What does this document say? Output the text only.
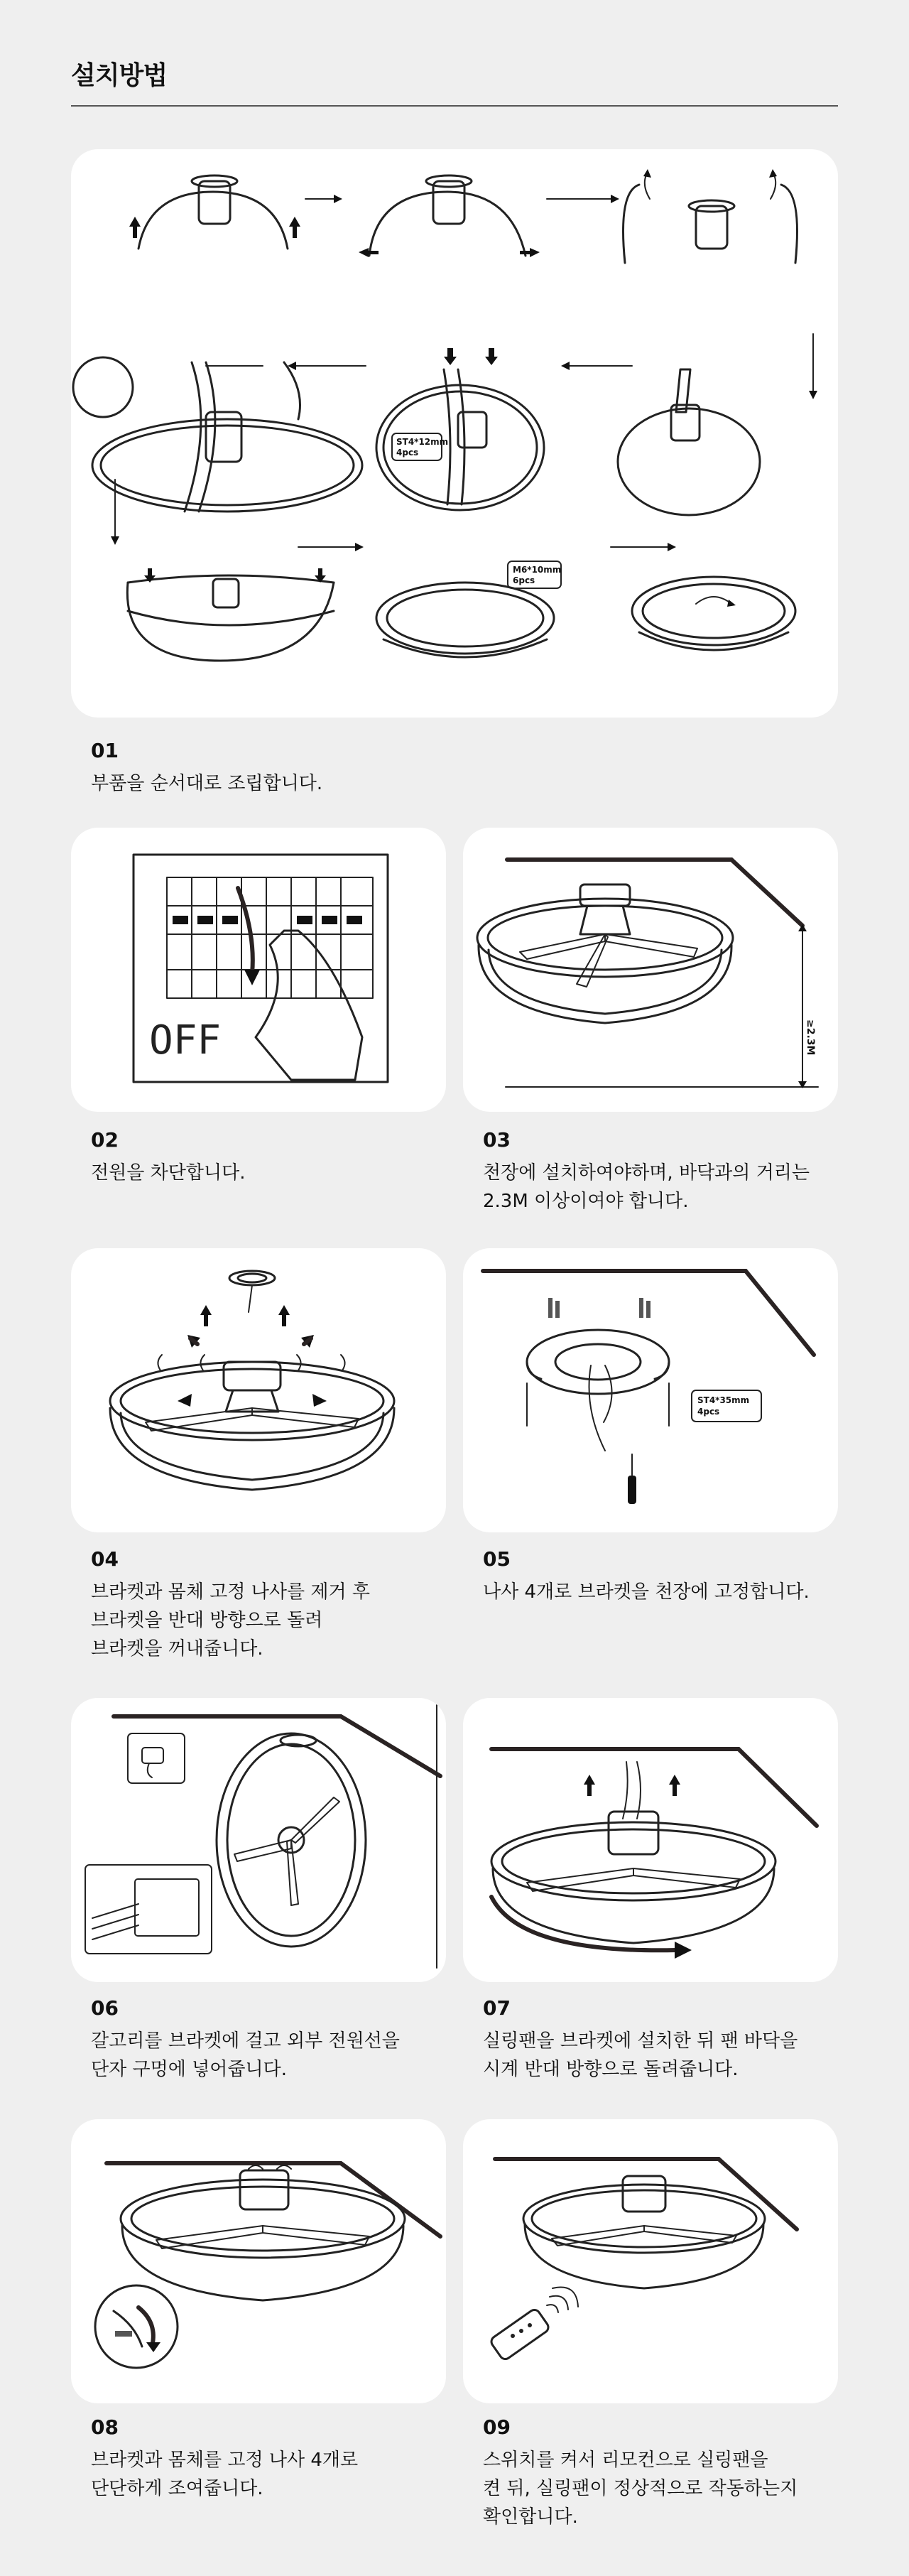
설치방법
ST4*12mm
4pcs
M6*10mm
6pcs
01
부품을 순서대로 조립합니다.
OFF
02
전원을 차단합니다.
≥2.3M
03
천장에 설치하여야하며, 바닥과의 거리는
2.3M 이상이여야 합니다.
04
브라켓과 몸체 고정 나사를 제거 후
브라켓을 반대 방향으로 돌려
브라켓을 꺼내줍니다.
ST4*35mm
4pcs
05
나사 4개로 브라켓을 천장에 고정합니다.
06
갈고리를 브라켓에 걸고 외부 전원선을
단자 구멍에 넣어줍니다.
07
실링팬을 브라켓에 설치한 뒤 팬 바닥을
시계 반대 방향으로 돌려줍니다.
08
브라켓과 몸체를 고정 나사 4개로
단단하게 조여줍니다.
09
스위치를 켜서 리모컨으로 실링팬을
켠 뒤, 실링팬이 정상적으로 작동하는지
확인합니다.
